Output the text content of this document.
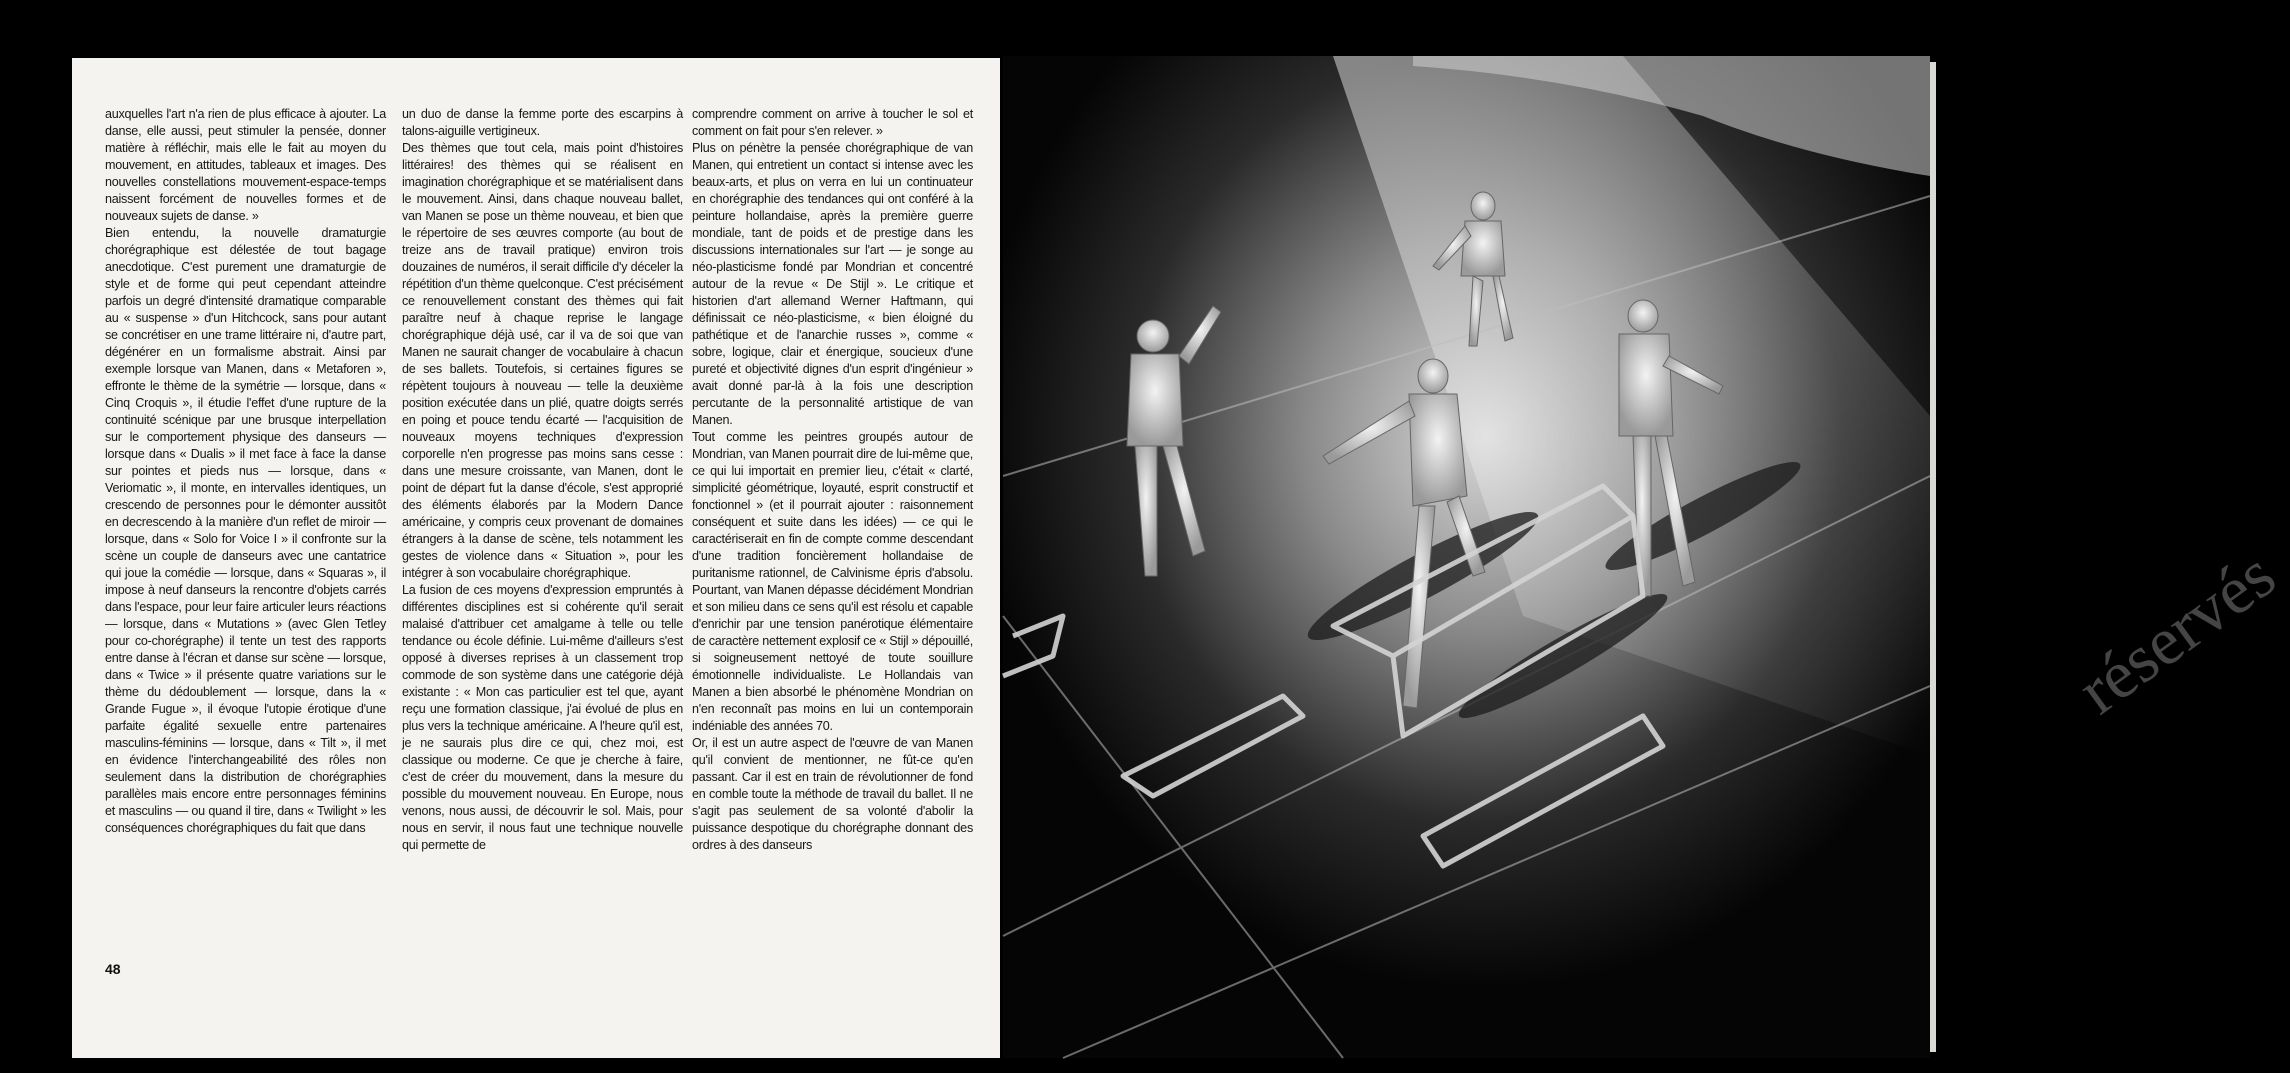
auxquelles l'art n'a rien de plus efficace à ajouter. La danse, elle aussi, peut stimuler la pensée, donner matière à réfléchir, mais elle le fait au moyen du mouvement, en attitudes, tableaux et images. Des nouvelles constellations mouvement-espace-temps naissent forcément de nouvelles formes et de nouveaux sujets de danse. »

Bien entendu, la nouvelle dramaturgie chorégraphique est délestée de tout bagage anecdotique. C'est purement une dramaturgie de style et de forme qui peut cependant atteindre parfois un degré d'intensité dramatique comparable au « suspense » d'un Hitchcock, sans pour autant se concrétiser en une trame littéraire ni, d'autre part, dégénérer en un formalisme abstrait. Ainsi par exemple lorsque van Manen, dans « Metaforen », effronte le thème de la symétrie — lorsque, dans « Cinq Croquis », il étudie l'effet d'une rupture de la continuité scénique par une brusque interpellation sur le comportement physique des danseurs — lorsque dans « Dualis » il met face à face la danse sur pointes et pieds nus — lorsque, dans « Veriomatic », il monte, en intervalles identiques, un crescendo de personnes pour le démonter aussitôt en decrescendo à la manière d'un reflet de miroir — lorsque, dans « Solo for Voice I » il confronte sur la scène un couple de danseurs avec une cantatrice qui joue la comédie — lorsque, dans « Squaras », il impose à neuf danseurs la rencontre d'objets carrés dans l'espace, pour leur faire articuler leurs réactions — lorsque, dans « Mutations » (avec Glen Tetley pour co-chorégraphe) il tente un test des rapports entre danse à l'écran et danse sur scène — lorsque, dans « Twice » il présente quatre variations sur le thème du dédoublement — lorsque, dans la « Grande Fugue », il évoque l'utopie érotique d'une parfaite égalité sexuelle entre partenaires masculins-féminins — lorsque, dans « Tilt », il met en évidence l'interchangeabilité des rôles non seulement dans la distribution de chorégraphies parallèles mais encore entre personnages féminins et masculins — ou quand il tire, dans « Twilight » les conséquences chorégraphiques du fait que dans

un duo de danse la femme porte des escarpins à talons-aiguille vertigineux.

Des thèmes que tout cela, mais point d'histoires littéraires! des thèmes qui se réalisent en imagination chorégraphique et se matérialisent dans le mouvement. Ainsi, dans chaque nouveau ballet, van Manen se pose un thème nouveau, et bien que le répertoire de ses œuvres comporte (au bout de treize ans de travail pratique) environ trois douzaines de numéros, il serait difficile d'y déceler la répétition d'un thème quelconque. C'est précisément ce renouvellement constant des thèmes qui fait paraître neuf à chaque reprise le langage chorégraphique déjà usé, car il va de soi que van Manen ne saurait changer de vocabulaire à chacun de ses ballets. Toutefois, si certaines figures se répètent toujours à nouveau — telle la deuxième position exécutée dans un plié, quatre doigts serrés en poing et pouce tendu écarté — l'acquisition de nouveaux moyens techniques d'expression corporelle n'en progresse pas moins sans cesse : dans une mesure croissante, van Manen, dont le point de départ fut la danse d'école, s'est approprié des éléments élaborés par la Modern Dance américaine, y compris ceux provenant de domaines étrangers à la danse de scène, tels notamment les gestes de violence dans « Situation », pour les intégrer à son vocabulaire chorégraphique.

La fusion de ces moyens d'expression empruntés à différentes disciplines est si cohérente qu'il serait malaisé d'attribuer cet amalgame à telle ou telle tendance ou école définie. Lui-même d'ailleurs s'est opposé à diverses reprises à un classement trop commode de son système dans une catégorie déjà existante : « Mon cas particulier est tel que, ayant reçu une formation classique, j'ai évolué de plus en plus vers la technique américaine. A l'heure qu'il est, je ne saurais plus dire ce qui, chez moi, est classique ou moderne. Ce que je cherche à faire, c'est de créer du mouvement, dans la mesure du possible du mouvement nouveau. En Europe, nous venons, nous aussi, de découvrir le sol. Mais, pour nous en servir, il nous faut une technique nouvelle qui permette de

comprendre comment on arrive à toucher le sol et comment on fait pour s'en relever. »

Plus on pénètre la pensée chorégraphique de van Manen, qui entretient un contact si intense avec les beaux-arts, et plus on verra en lui un continuateur en chorégraphie des tendances qui ont conféré à la peinture hollandaise, après la première guerre mondiale, tant de poids et de prestige dans les discussions internationales sur l'art — je songe au néo-plasticisme fondé par Mondrian et concentré autour de la revue « De Stijl ». Le critique et historien d'art allemand Werner Haftmann, qui définissait ce néo-plasticisme, « bien éloigné du pathétique et de l'anarchie russes », comme « sobre, logique, clair et énergique, soucieux d'une pureté et objectivité dignes d'un esprit d'ingénieur » avait donné par-là à la fois une description percutante de la personnalité artistique de van Manen.

Tout comme les peintres groupés autour de Mondrian, van Manen pourrait dire de lui-même que, ce qui lui importait en premier lieu, c'était « clarté, simplicité géométrique, loyauté, esprit constructif et fonctionnel » (et il pourrait ajouter : raisonnement conséquent et suite dans les idées) — ce qui le caractériserait en fin de compte comme descendant d'une tradition foncièrement hollandaise de puritanisme rationnel, de Calvinisme épris d'absolu. Pourtant, van Manen dépasse décidément Mondrian et son milieu dans ce sens qu'il est résolu et capable d'enrichir par une tension panérotique élémentaire de caractère nettement explosif ce « Stijl » dépouillé, si soigneusement nettoyé de toute souillure émotionnelle individualiste. Le Hollandais van Manen a bien absorbé le phénomène Mondrian on n'en reconnaît pas moins en lui un contemporain indéniable des années 70.

Or, il est un autre aspect de l'œuvre de van Manen qu'il convient de mentionner, ne fût-ce qu'en passant. Car il est en train de révolutionner de fond en comble toute la méthode de travail du ballet. Il ne s'agit pas seulement de sa volonté d'abolir la puissance despotique du chorégraphe donnant des ordres à des danseurs

48
réservés
